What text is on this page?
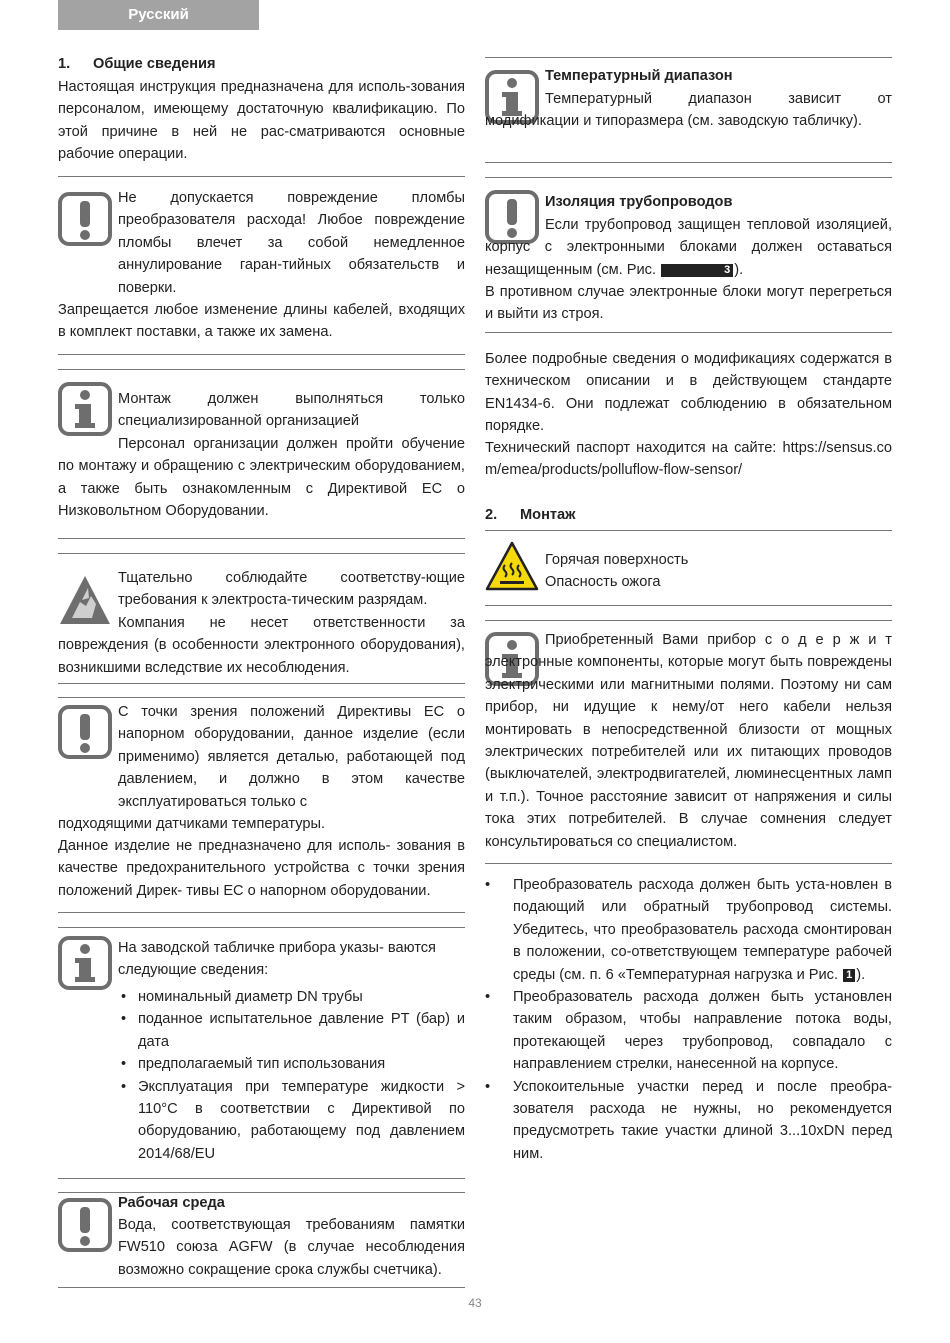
Русский
1. Общие сведения
Настоящая инструкция предназначена для исполь-зования персоналом, имеющему достаточную квалификацию. По этой причине в ней не рас-сматриваются основные рабочие операции.
Не допускается повреждение пломбы преобразователя расхода! Любое повреждение пломбы влечет за собой немедленное аннулирование гаран-тийных обязательств и поверки.
Запрещается любое изменение длины кабелей, входящих в комплект поставки, а также их замена.
Монтаж должен выполняться только специализированной организацией
Персонал организации должен пройти обучение по монтажу и обращению с электрическим оборудованием, а также быть ознакомленным с Директивой ЕС о Низковольтном Оборудовании.
Тщательно соблюдайте соответству-ющие требования к электроста-тическим разрядам.
Компания не несет ответственности за повреждения (в особенности электронного оборудования), возникшими вследствие их несоблюдения.
С точки зрения положений Директивы ЕС о напорном оборудовании, данное изделие (если применимо) является деталью, работающей под давлением, и должно в этом качестве эксплуатироваться только с
подходящими датчиками температуры.
Данное изделие не предназначено для исполь- зования в качестве предохранительного устройства с точки зрения положений Дирек- тивы ЕС о напорном оборудовании.
На заводской табличке прибора указы- ваются следующие сведения:
• номинальный диаметр DN трубы
• поданное испытательное давление PT (бар) и дата
• предполагаемый тип использования
• Эксплуатация при температуре жидкости > 110°C в соответствии с Директивой по оборудованию, работающему под давлением 2014/68/EU
Рабочая среда
Вода, соответствующая требованиям памятки FW510 союза AGFW (в случае несоблюдения возможно сокращение срока службы счетчика).
Температурный диапазон
Температурный диапазон зависит от модификации и типоразмера (см. заводскую табличку).
Изоляция трубопроводов
Если трубопровод защищен тепловой изоляцией, корпус с электронными блоками должен оставаться незащищенным (см. Рис.	3 ).
В противном случае электронные блоки могут перегреться и выйти из строя.
Более подробные сведения о модификациях содержатся в техническом описании и в действующем стандарте EN1434-6. Они подлежат соблюдению в обязательном порядке.
Технический паспорт находится на сайте: https://sensus.com/emea/products/polluflow-flow-sensor/
2. Монтаж
Горячая поверхность
Опасность ожога
Приобретенный Вами прибор с о д е р ж и т электронные компоненты, которые могут быть повреждены электрическими или магнитными полями. Поэтому ни сам прибор, ни идущие к нему/от него кабели нельзя монтировать в непосредственной близости от мощных электрических потребителей или их питающих проводов (выключателей, электродвигателей, люминесцентных ламп и т.п.). Точное расстояние зависит от напряжения и силы тока этих потребителей. В случае сомнения следует консультироваться со специалистом.
• Преобразователь расхода должен быть уста-новлен в подающий или обратный трубопровод системы. Убедитесь, что преобразователь расхода смонтирован в положении, со-ответствующем температуре рабочей среды (см. п. 6 «Температурная нагрузка и Рис. 1 ).
• Преобразователь расхода должен быть установлен таким образом, чтобы направление потока воды, протекающей через трубопровод, совпадало с направлением стрелки, нанесенной на корпусе.
• Успокоительные участки перед и после преобра-зователя расхода не нужны, но рекомендуется предусмотреть такие участки длиной 3...10xDN перед ним.
43
